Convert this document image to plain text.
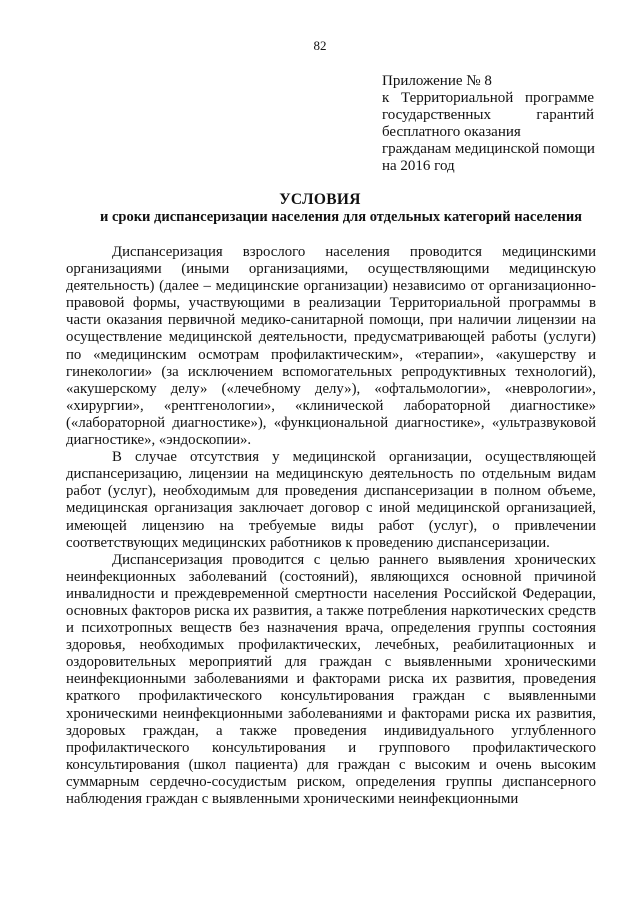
82
Приложение № 8
к Территориальной программе
государственных гарантий
бесплатного оказания
гражданам медицинской помощи
на 2016 год
УСЛОВИЯ
и сроки диспансеризации населения для отдельных категорий населения

Диспансеризация взрослого населения проводится медицинскими организациями (иными организациями, осуществляющими медицинскую деятельность) (далее – медицинские организации) независимо от организационно-правовой формы, участвующими в реализации Территориальной программы в части оказания первичной медико-санитарной помощи, при наличии лицензии на осуществление медицинской деятельности, предусматривающей работы (услуги) по «медицинским осмотрам профилактическим», «терапии», «акушерству и гинекологии» (за исключением вспомогательных репродуктивных технологий), «акушерскому делу» («лечебному делу»), «офтальмологии», «неврологии», «хирургии», «рентгенологии», «клинической лабораторной диагностике» («лабораторной диагностике»), «функциональной диагностике», «ультразвуковой диагностике», «эндоскопии».

В случае отсутствия у медицинской организации, осуществляющей диспансеризацию, лицензии на медицинскую деятельность по отдельным видам работ (услуг), необходимым для проведения диспансеризации в полном объеме, медицинская организация заключает договор с иной медицинской организацией, имеющей лицензию на требуемые виды работ (услуг), о привлечении соответствующих медицинских работников к проведению диспансеризации.

Диспансеризация проводится с целью раннего выявления хронических неинфекционных заболеваний (состояний), являющихся основной причиной инвалидности и преждевременной смертности населения Российской Федерации, основных факторов риска их развития, а также потребления наркотических средств и психотропных веществ без назначения врача, определения группы состояния здоровья, необходимых профилактических, лечебных, реабилитационных и оздоровительных мероприятий для граждан с выявленными хроническими неинфекционными заболеваниями и факторами риска их развития, проведения краткого профилактического консультирования граждан с выявленными хроническими неинфекционными заболеваниями и факторами риска их развития, здоровых граждан, а также проведения индивидуального углубленного профилактического консультирования и группового профилактического консультирования (школ пациента) для граждан с высоким и очень высоким суммарным сердечно-сосудистым риском, определения группы диспансерного наблюдения граждан с выявленными хроническими неинфекционными
